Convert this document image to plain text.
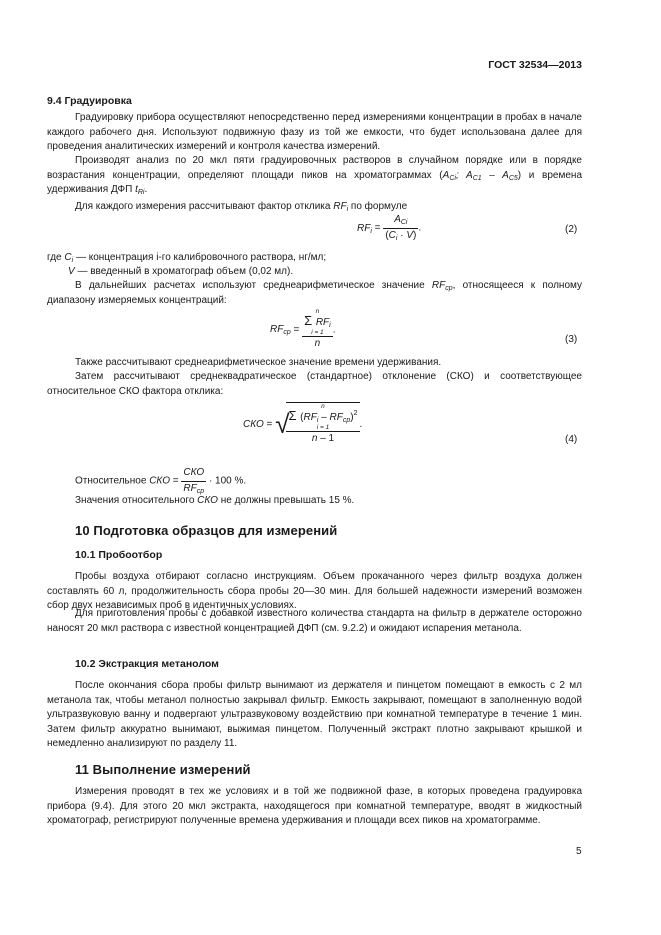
ГОСТ 32534—2013
9.4 Градуировка

Градуировку прибора осуществляют непосредственно перед измерениями концентрации в пробах в начале каждого рабочего дня. Используют подвижную фазу из той же емкости, что будет использована далее для проведения аналитических измерений и контроля качества измерений.

Производят анализ по 20 мкл пяти градуировочных растворов в случайном порядке или в порядке возрастания концентрации, определяют площади пиков на хроматограммах ($A_{Ci}$; $A_{C1} - A_{C5}$) и времена удерживания ДФП $t_{Ri}$.

Для каждого измерения рассчитывают фактор отклика $RF_i$ по формуле

$RF_i = \frac{A_{Ci}}{(C_i \cdot V)}$ .	(2)
где $C_i$ — концентрация i-го калибровочного раствора, нг/мл;
V — введенный в хроматограф объем (0,02 мл).

В дальнейших расчетах используют среднеарифметическое значение $RF_{ср}$, относящееся к полному диапазону измеряемых концентраций:

$RF_{ср} = n$
Σ $RF_i$
i = 1
n .
(3)

Также рассчитывают среднеарифметическое значение времени удерживания.

Затем рассчитывают среднеквадратическое (стандартное) отклонение (СКО) и соответствующее относительное СКО фактора отклика:

СКО = √
n
Σ $(RF_i - RF_{ср})^2$
i = 1
n – 1 .
(4)
Относительное СКО = $\frac{\text{СКО}}{RF_{ср}} \cdot 100$ %.
Значения относительного СКО не должны превышать 15 %.
10 Подготовка образцов для измерений
10.1 Пробоотбор

Пробы воздуха отбирают согласно инструкциям. Объем прокачанного через фильтр воздуха должен составлять 60 л, продолжительность сбора пробы 20—30 мин. Для большей надежности измерений возможен сбор двух независимых проб в идентичных условиях.

Для приготовления пробы с добавкой известного количества стандарта на фильтр в держателе осторожно наносят 20 мкл раствора с известной концентрацией ДФП (см. 9.2.2) и ожидают испарения метанола.

10.2 Экстракция метанолом

После окончания сбора пробы фильтр вынимают из держателя и пинцетом помещают в емкость с 2 мл метанола так, чтобы метанол полностью закрывал фильтр. Емкость закрывают, помещают в заполненную водой ультразвуковую ванну и подвергают ультразвуковому воздействию при комнатной температуре в течение 1 мин. Затем фильтр аккуратно вынимают, выжимая пинцетом. Полученный экстракт плотно закрывают крышкой и немедленно анализируют по разделу 11.

11 Выполнение измерений

Измерения проводят в тех же условиях и в той же подвижной фазе, в которых проведена градуировка прибора (9.4). Для этого 20 мкл экстракта, находящегося при комнатной температуре, вводят в жидкостный хроматограф, регистрируют полученные времена удерживания и площади всех пиков на хроматограмме.

5
